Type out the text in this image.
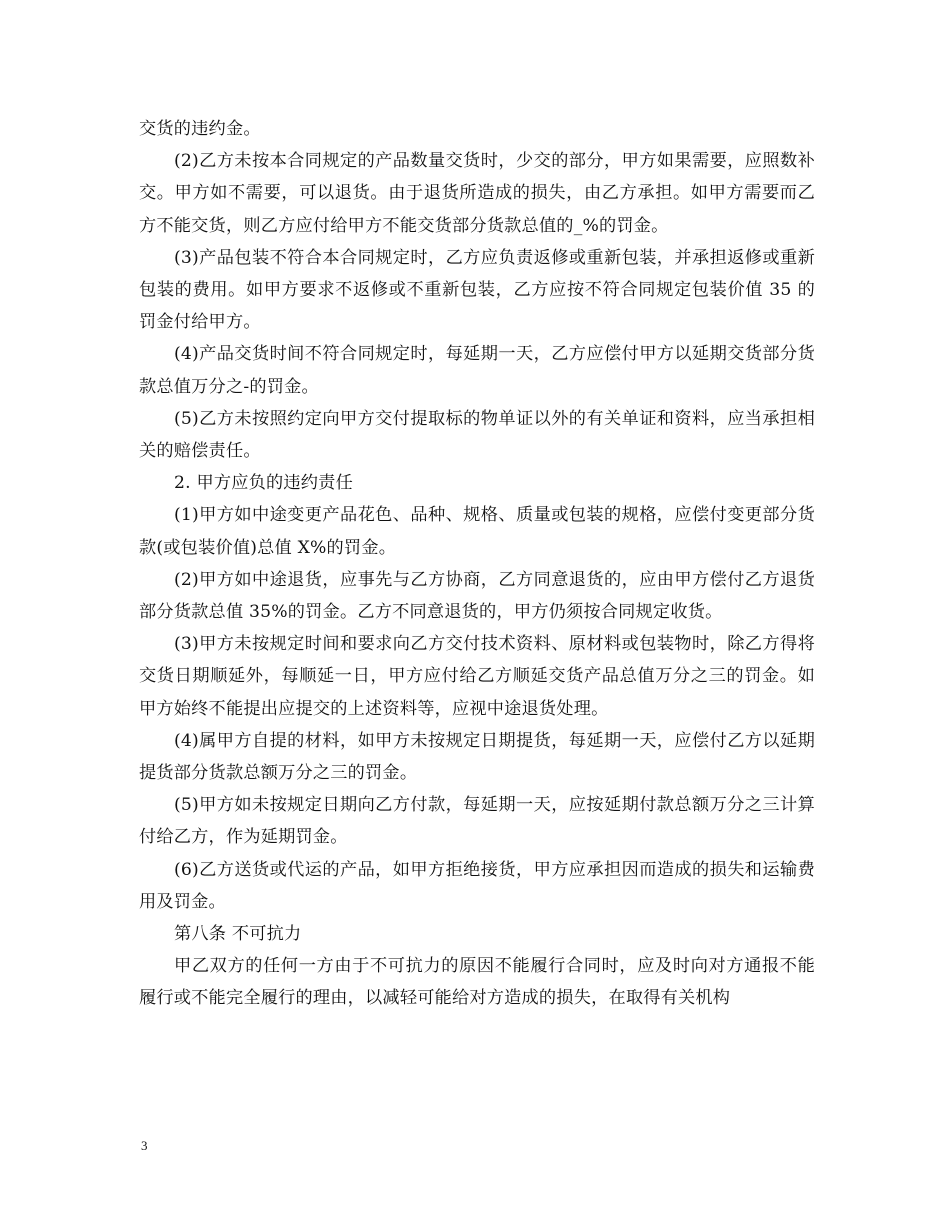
交货的违约金。

(2)乙方未按本合同规定的产品数量交货时，少交的部分，甲方如果需要，应照数补交。甲方如不需要，可以退货。由于退货所造成的损失，由乙方承担。如甲方需要而乙方不能交货，则乙方应付给甲方不能交货部分货款总值的_%的罚金。

(3)产品包装不符合本合同规定时，乙方应负责返修或重新包装，并承担返修或重新包装的费用。如甲方要求不返修或不重新包装，乙方应按不符合同规定包装价值 35 的罚金付给甲方。

(4)产品交货时间不符合同规定时，每延期一天，乙方应偿付甲方以延期交货部分货款总值万分之-的罚金。

(5)乙方未按照约定向甲方交付提取标的物单证以外的有关单证和资料，应当承担相关的赔偿责任。

2. 甲方应负的违约责任

(1)甲方如中途变更产品花色、品种、规格、质量或包装的规格，应偿付变更部分货款(或包装价值)总值 X%的罚金。

(2)甲方如中途退货，应事先与乙方协商，乙方同意退货的，应由甲方偿付乙方退货部分货款总值 35%的罚金。乙方不同意退货的，甲方仍须按合同规定收货。

(3)甲方未按规定时间和要求向乙方交付技术资料、原材料或包装物时，除乙方得将交货日期顺延外，每顺延一日，甲方应付给乙方顺延交货产品总值万分之三的罚金。如甲方始终不能提出应提交的上述资料等，应视中途退货处理。

(4)属甲方自提的材料，如甲方未按规定日期提货，每延期一天，应偿付乙方以延期提货部分货款总额万分之三的罚金。

(5)甲方如未按规定日期向乙方付款，每延期一天，应按延期付款总额万分之三计算付给乙方，作为延期罚金。

(6)乙方送货或代运的产品，如甲方拒绝接货，甲方应承担因而造成的损失和运输费用及罚金。

第八条 不可抗力

甲乙双方的任何一方由于不可抗力的原因不能履行合同时，应及时向对方通报不能履行或不能完全履行的理由，以减轻可能给对方造成的损失，在取得有关机构

3
